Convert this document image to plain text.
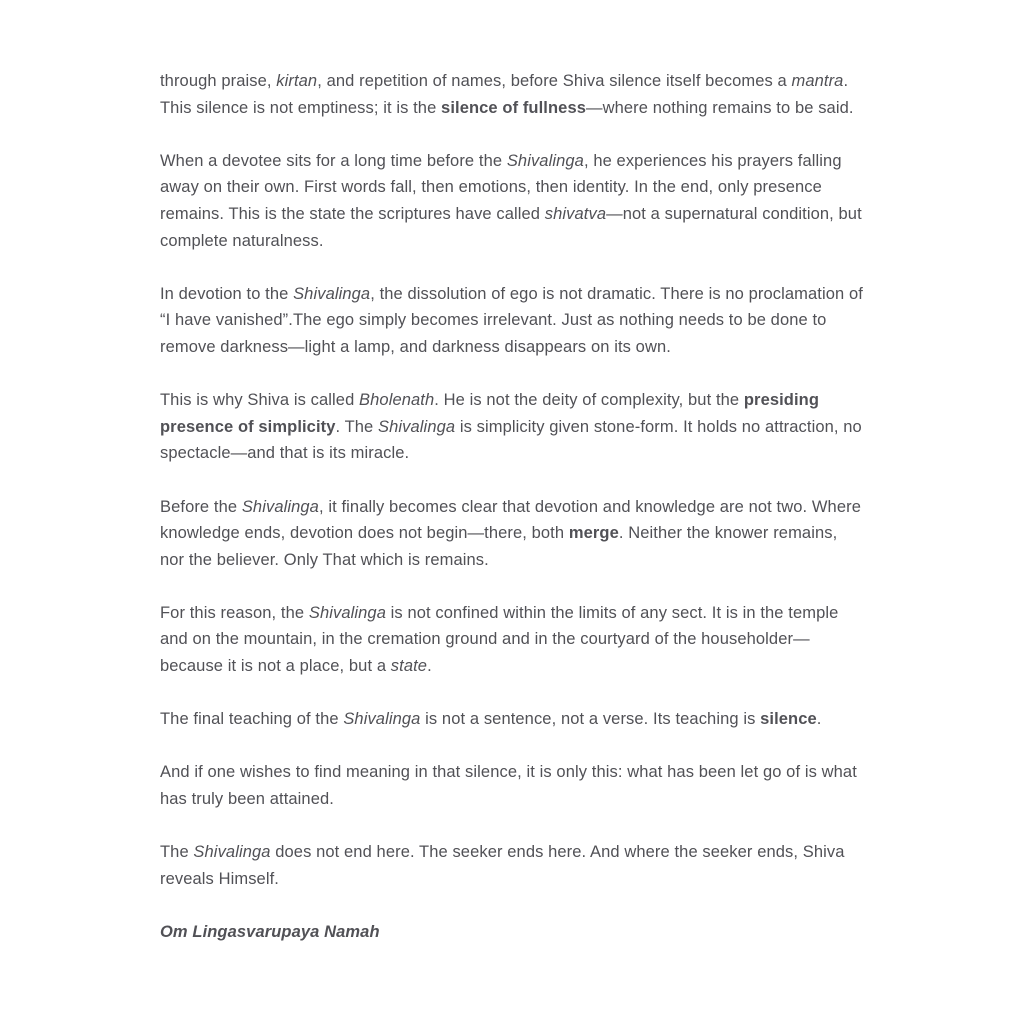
through praise, kirtan, and repetition of names, before Shiva silence itself becomes a mantra. This silence is not emptiness; it is the silence of fullness—where nothing remains to be said.

When a devotee sits for a long time before the Shivalinga, he experiences his prayers falling away on their own. First words fall, then emotions, then identity. In the end, only presence remains. This is the state the scriptures have called shivatva—not a supernatural condition, but complete naturalness.

In devotion to the Shivalinga, the dissolution of ego is not dramatic. There is no proclamation of “I have vanished”.The ego simply becomes irrelevant. Just as nothing needs to be done to remove darkness—light a lamp, and darkness disappears on its own.

This is why Shiva is called Bholenath. He is not the deity of complexity, but the presiding presence of simplicity. The Shivalinga is simplicity given stone-form. It holds no attraction, no spectacle—and that is its miracle.

Before the Shivalinga, it finally becomes clear that devotion and knowledge are not two. Where knowledge ends, devotion does not begin—there, both merge. Neither the knower remains, nor the believer. Only That which is remains.

For this reason, the Shivalinga is not confined within the limits of any sect. It is in the temple and on the mountain, in the cremation ground and in the courtyard of the householder—because it is not a place, but a state.

The final teaching of the Shivalinga is not a sentence, not a verse. Its teaching is silence.

And if one wishes to find meaning in that silence, it is only this: what has been let go of is what has truly been attained.

The Shivalinga does not end here. The seeker ends here. And where the seeker ends, Shiva reveals Himself.

Om Lingasvarupaya Namah
